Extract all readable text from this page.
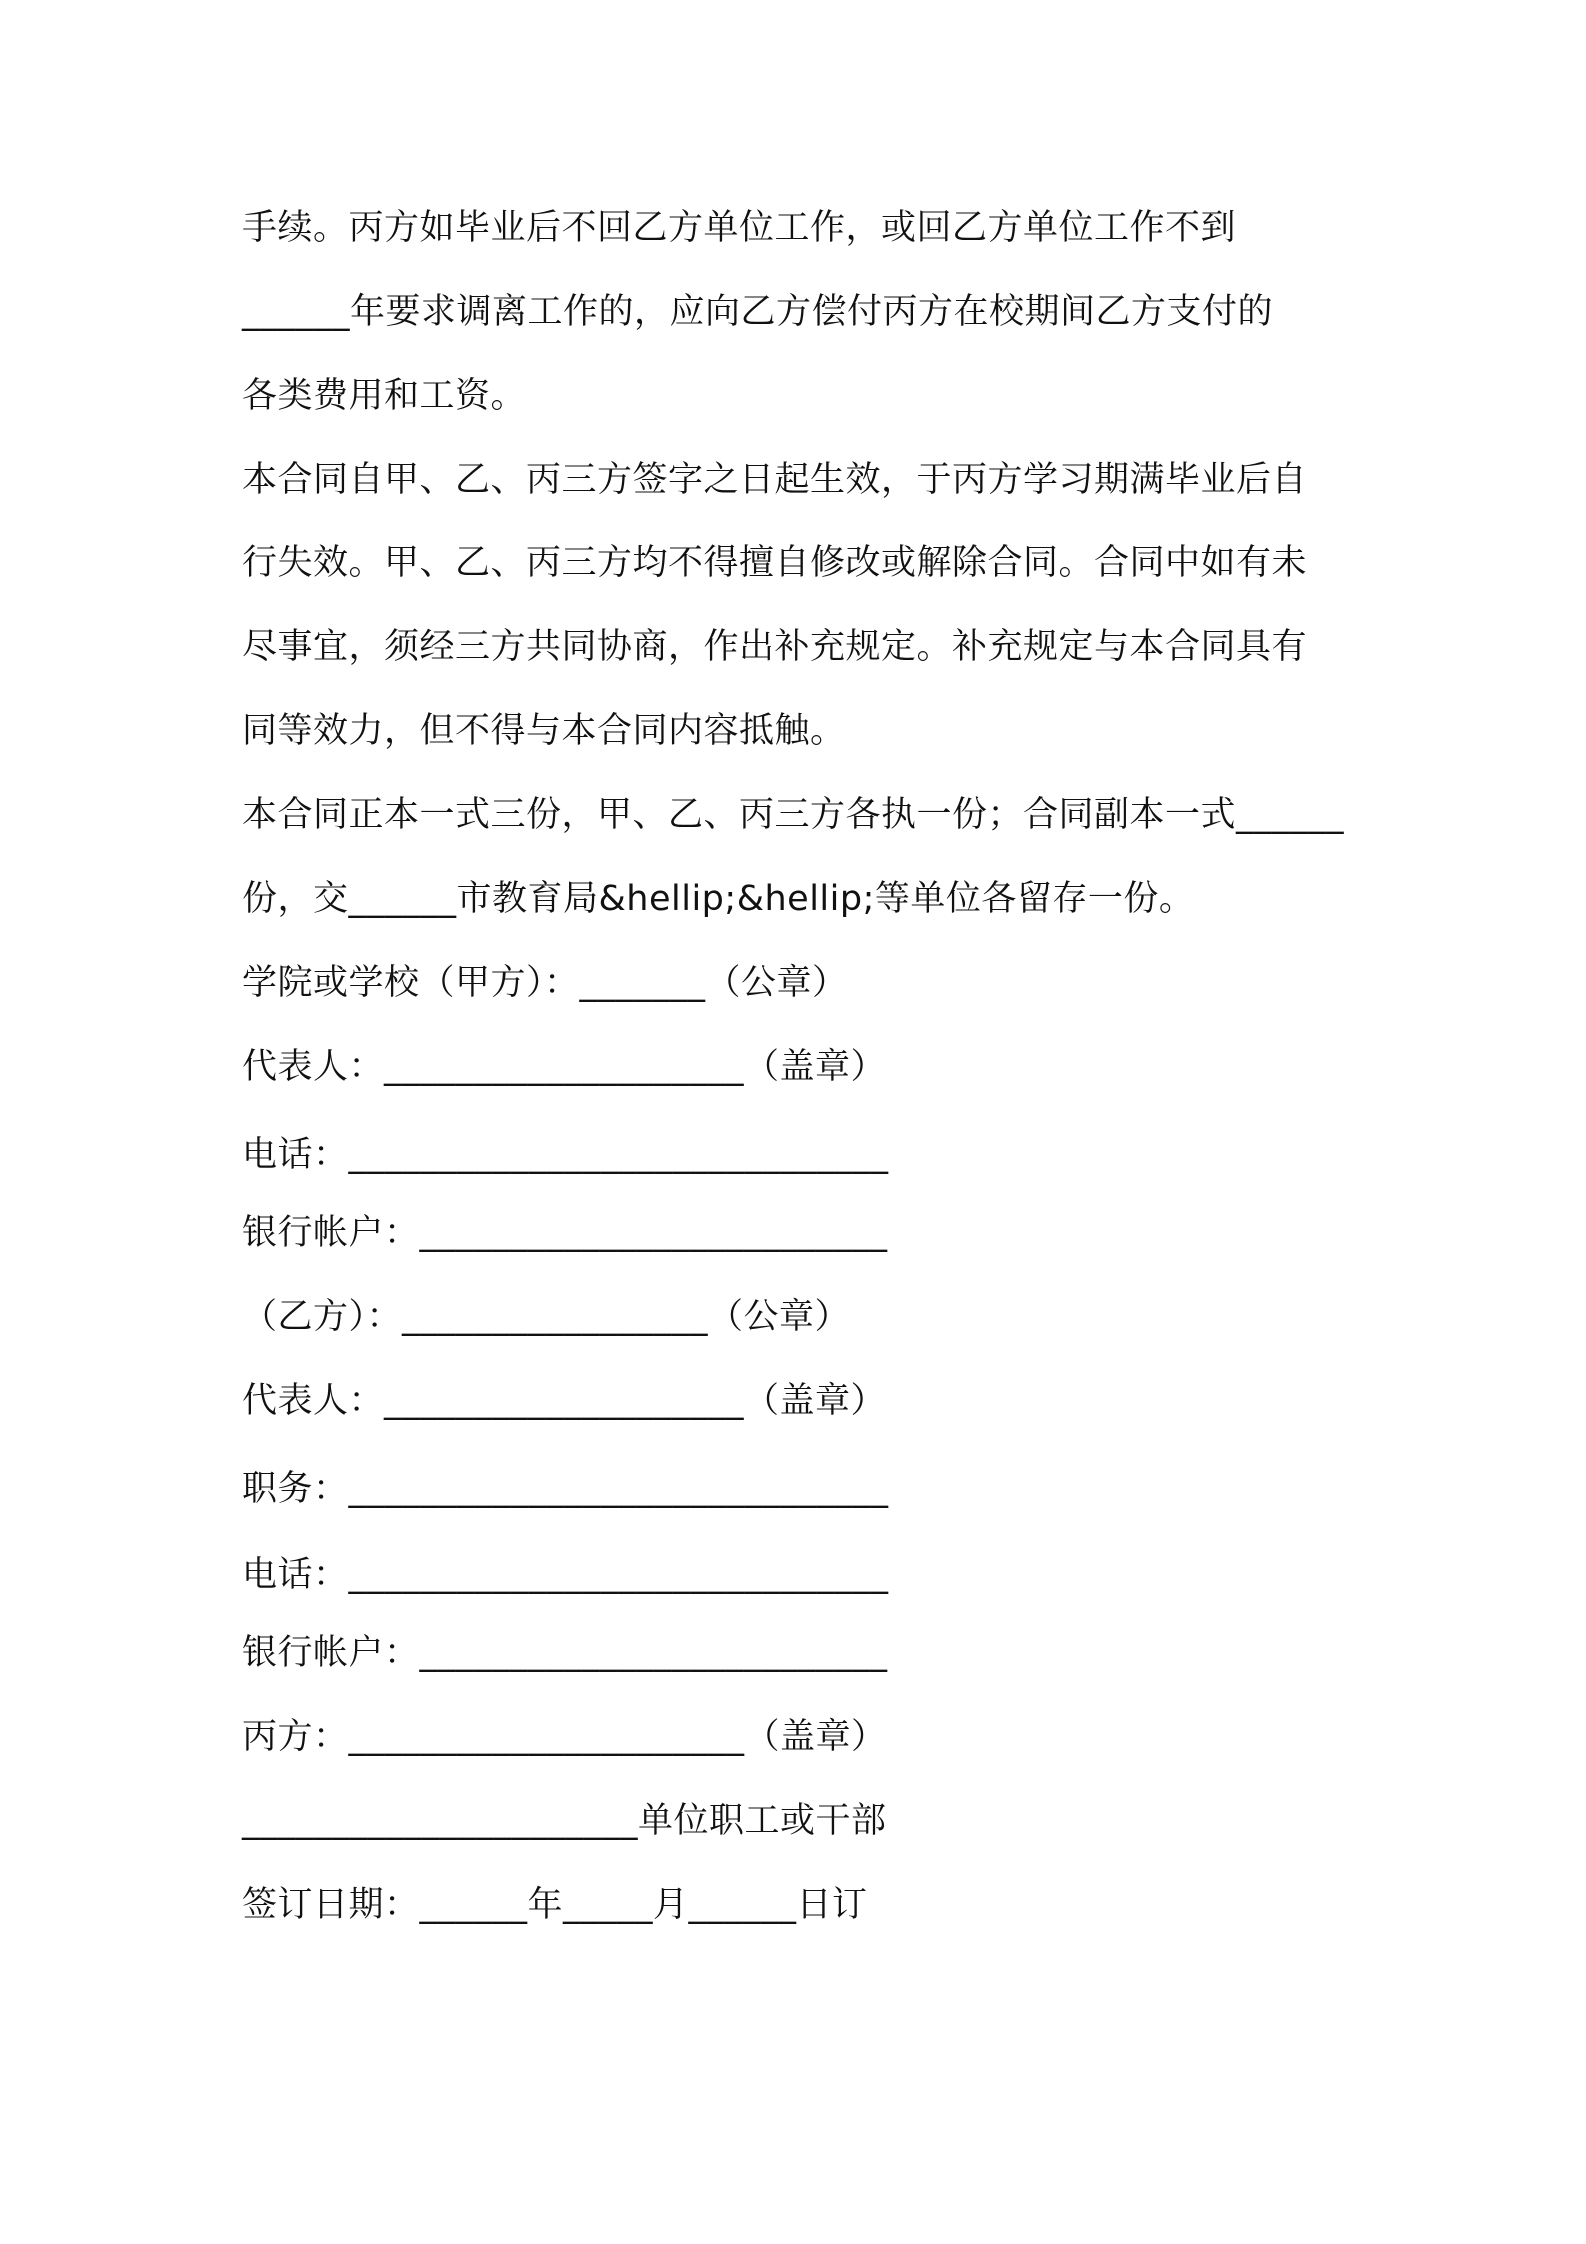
手续。丙方如毕业后不回乙方单位工作，或回乙方单位工作不到
______年要求调离工作的，应向乙方偿付丙方在校期间乙方支付的
各类费用和工资。
本合同自甲、乙、丙三方签字之日起生效，于丙方学习期满毕业后自
行失效。甲、乙、丙三方均不得擅自修改或解除合同。合同中如有未
尽事宜，须经三方共同协商，作出补充规定。补充规定与本合同具有
同等效力，但不得与本合同内容抵触。
本合同正本一式三份，甲、乙、丙三方各执一份；合同副本一式______
份，交______市教育局&hellip;&hellip;等单位各留存一份。
学院或学校（甲方）：_______（公章）
代表人：____________________（盖章）
电话：______________________________
银行帐户：__________________________
（乙方）：_________________（公章）
代表人：____________________（盖章）
职务：______________________________
电话：______________________________
银行帐户：__________________________
丙方：______________________（盖章）
______________________单位职工或干部
签订日期：______年_____月______日订
